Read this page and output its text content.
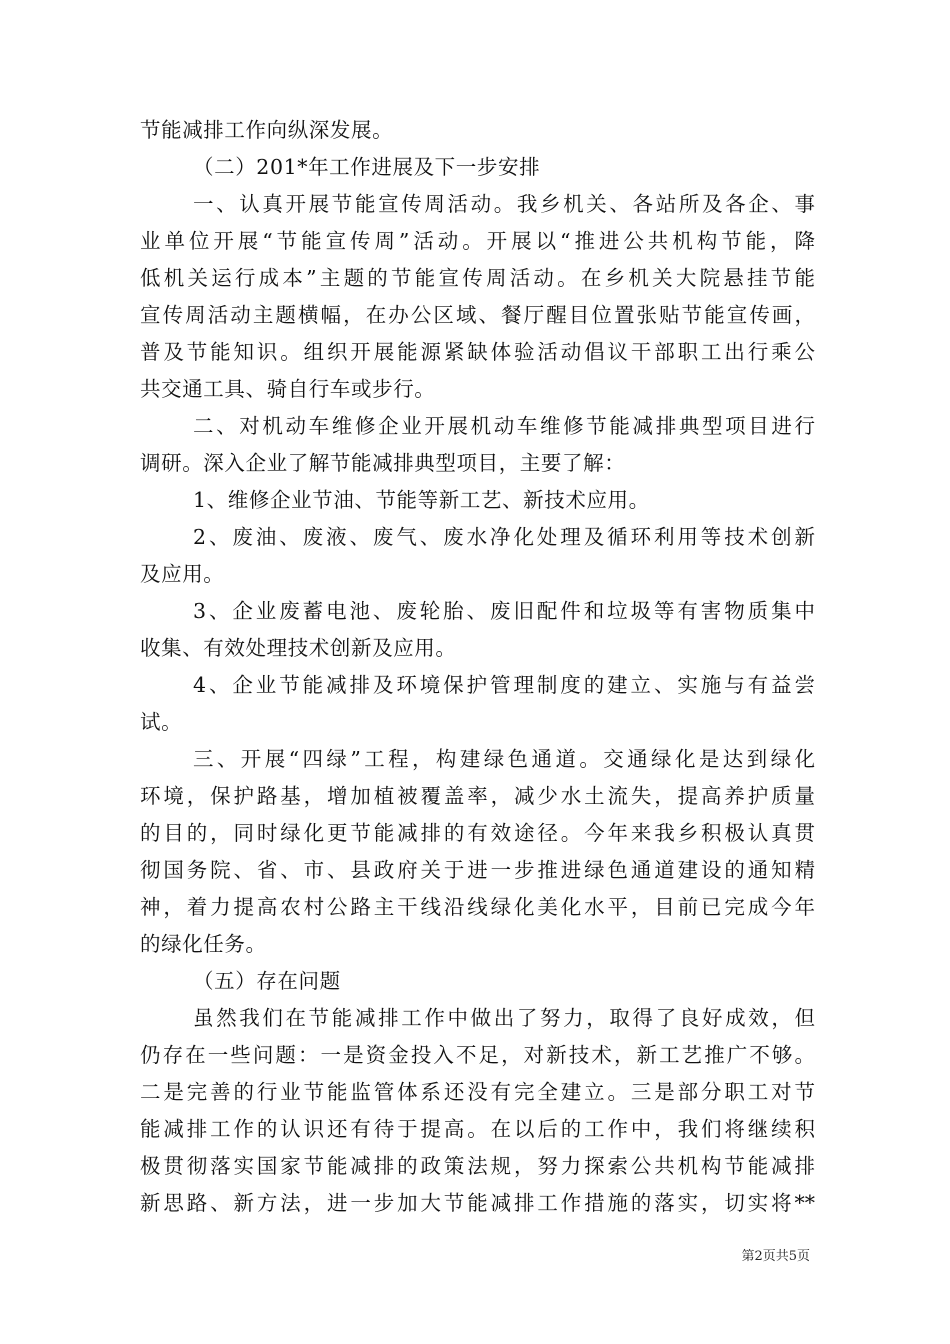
节能减排工作向纵深发展。
（二）201*年工作进展及下一步安排
一、认真开展节能宣传周活动。我乡机关、各站所及各企、事
业单位开展“节能宣传周”活动。开展以“推进公共机构节能，降
低机关运行成本”主题的节能宣传周活动。在乡机关大院悬挂节能
宣传周活动主题横幅，在办公区域、餐厅醒目位置张贴节能宣传画，
普及节能知识。组织开展能源紧缺体验活动倡议干部职工出行乘公
共交通工具、骑自行车或步行。
二、对机动车维修企业开展机动车维修节能减排典型项目进行
调研。深入企业了解节能减排典型项目，主要了解：
1、维修企业节油、节能等新工艺、新技术应用。
2、废油、废液、废气、废水净化处理及循环利用等技术创新
及应用。
3、企业废蓄电池、废轮胎、废旧配件和垃圾等有害物质集中
收集、有效处理技术创新及应用。
4、企业节能减排及环境保护管理制度的建立、实施与有益尝
试。
三、开展“四绿”工程，构建绿色通道。交通绿化是达到绿化
环境，保护路基，增加植被覆盖率，减少水土流失，提高养护质量
的目的，同时绿化更节能减排的有效途径。今年来我乡积极认真贯
彻国务院、省、市、县政府关于进一步推进绿色通道建设的通知精
神，着力提高农村公路主干线沿线绿化美化水平，目前已完成今年
的绿化任务。
（五）存在问题
虽然我们在节能减排工作中做出了努力，取得了良好成效，但
仍存在一些问题：一是资金投入不足，对新技术，新工艺推广不够。
二是完善的行业节能监管体系还没有完全建立。三是部分职工对节
能减排工作的认识还有待于提高。在以后的工作中，我们将继续积
极贯彻落实国家节能减排的政策法规，努力探索公共机构节能减排
新思路、新方法，进一步加大节能减排工作措施的落实，切实将**
第2页共5页
